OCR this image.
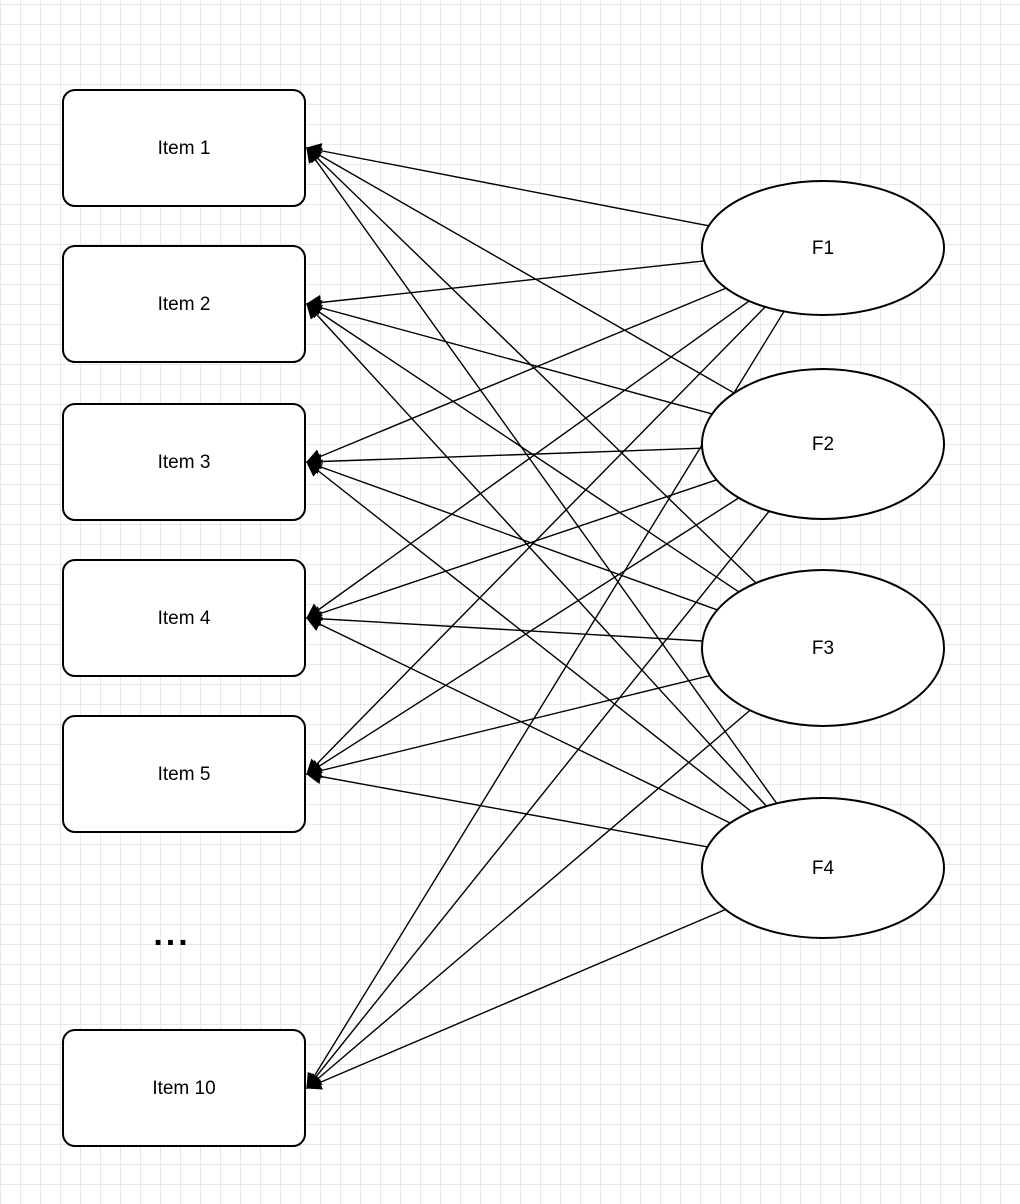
Item 1
Item 2
Item 3
Item 4
Item 5
Item 10
...
F1
F2
F3
F4
